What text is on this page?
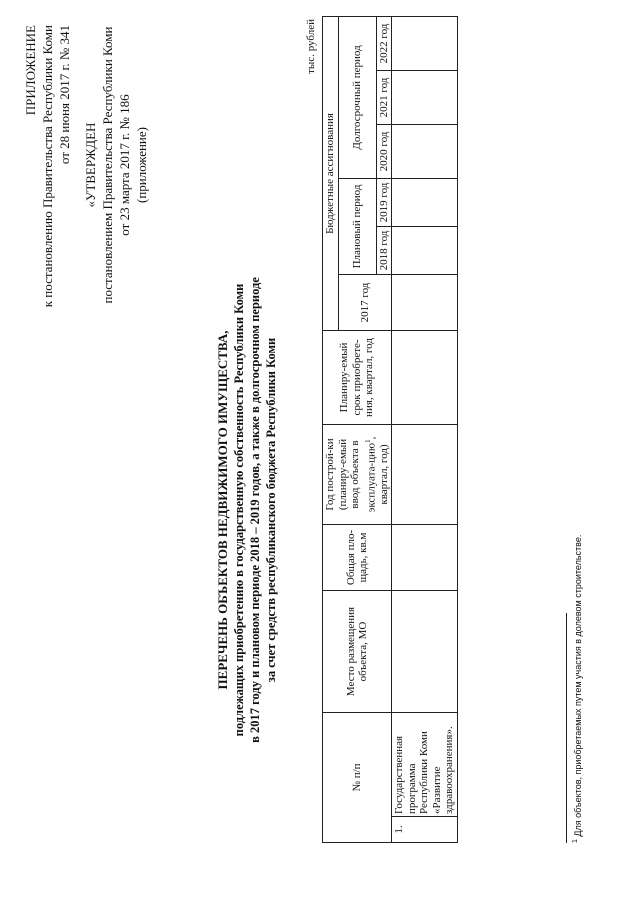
ПРИЛОЖЕНИЕ к постановлению Правительства Республики Коми от 28 июня 2017 г. № 341
«УТВЕРЖДЕН постановлением Правительства Республики Коми от 23 марта 2017 г. № 186 (приложение)
ПЕРЕЧЕНЬ ОБЪЕКТОВ НЕДВИЖИМОГО ИМУЩЕСТВА, подлежащих приобретению в государственную собственность Республики Коми в 2017 году и плановом периоде 2018 – 2019 годов, а также в долгосрочном периоде за счет средств республиканского бюджета Республики Коми
тыс. рублей
№ п/п		Место размещения объекта, МО	Общая пло-щадь, кв.м	Год построй-ки (планиру-емый ввод объекта в эксплуата-цию$^1$, квартал, год)	Планиру-емый срок приобрете-ния, квартал, год	Бюджетные ассигнования					
						2017 год	Плановый период		Долгосрочный период		
							2018 год	2019 год	2020 год	2021 год	2022 год
1.	Государственная программа Республики Коми «Развитие здравоохранения».										
$^1$ Для объектов, приобретаемых путем участия в долевом строительстве.
